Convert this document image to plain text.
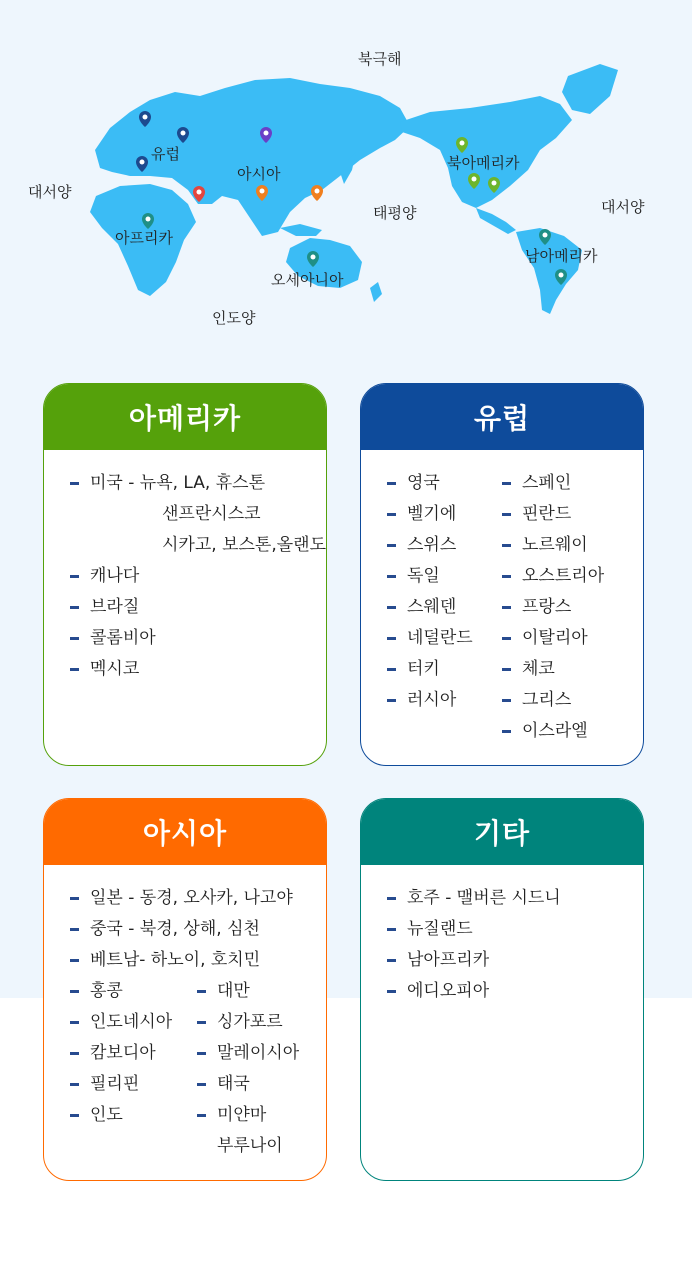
북극해
대서양
대서양
태평양
인도양
유럽
아시아
아프리카
오세아니아
북아메리카
남아메리카
아메리카
미국 - 뉴욕, LA, 휴스톤
샌프란시스코
시카고, 보스톤,올랜도
캐나다
브라질
콜롬비아
멕시코
유럽
영국
벨기에
스위스
독일
스웨덴
네덜란드
터키
러시아
스페인
핀란드
노르웨이
오스트리아
프랑스
이탈리아
체코
그리스
이스라엘
아시아
일본 - 동경, 오사카, 나고야
중국 - 북경, 상해, 심천
베트남- 하노이, 호치민
홍콩
인도네시아
캄보디아
필리핀
인도
대만
싱가포르
말레이시아
태국
미얀마
부루나이
기타
호주 - 맬버른 시드니
뉴질랜드
남아프리카
에디오피아
